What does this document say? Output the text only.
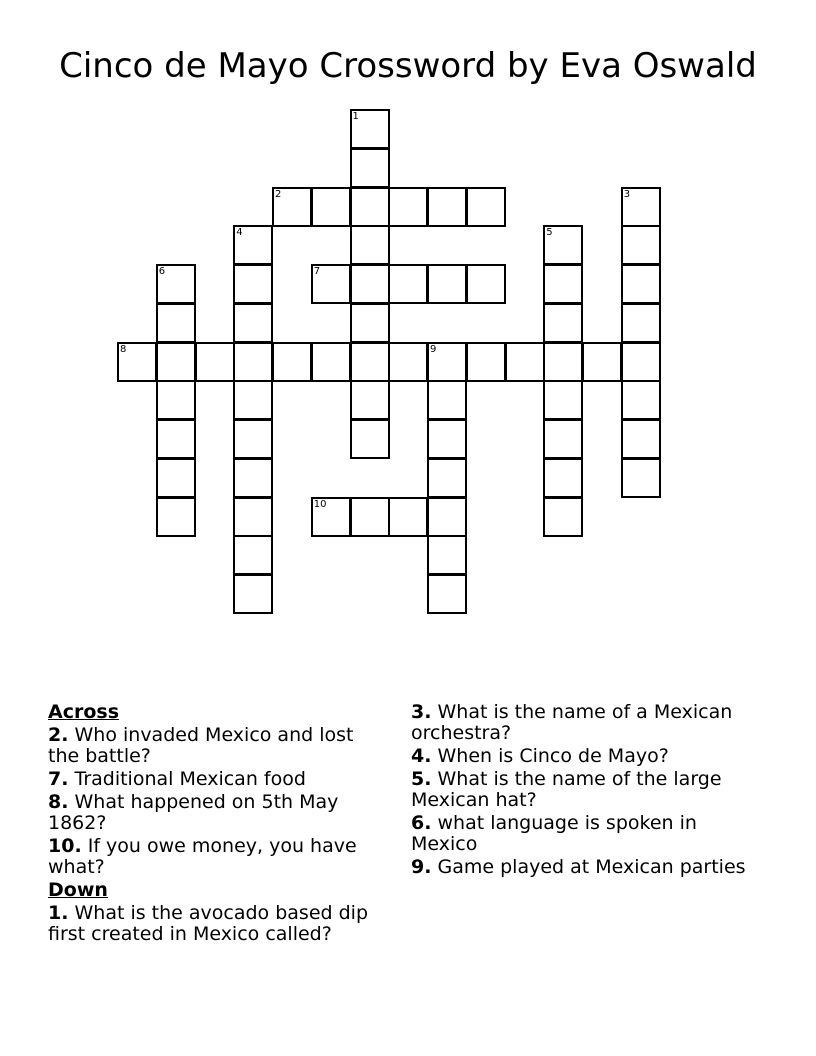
Cinco de Mayo Crossword by Eva Oswald
1
2	3
4	5
6	7
8	9
10
Across
2. Who invaded Mexico and lost the battle?
7. Traditional Mexican food
8. What happened on 5th May 1862?
10. If you owe money, you have what?
Down
1. What is the avocado based dip first created in Mexico called?
3. What is the name of a Mexican orchestra?
4. When is Cinco de Mayo?
5. What is the name of the large Mexican hat?
6. what language is spoken in Mexico
9. Game played at Mexican parties
